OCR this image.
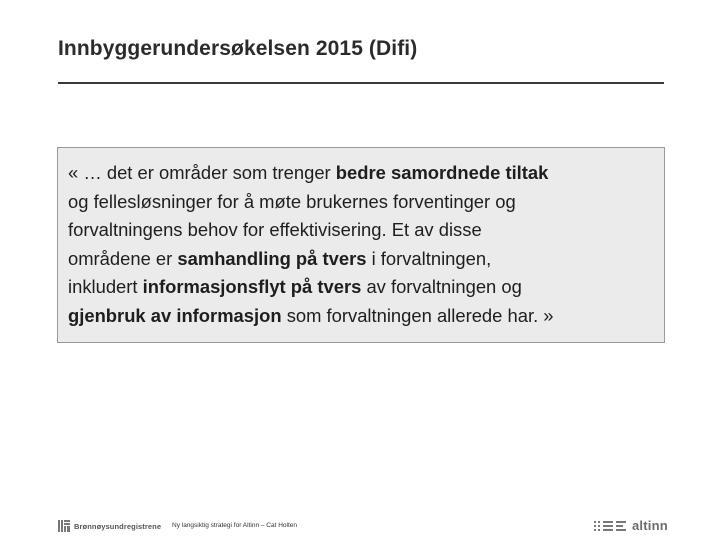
Innbyggerundersøkelsen 2015 (Difi)
« … det er områder som trenger bedre samordnede tiltak
og fellesløsninger for å møte brukernes forventinger og
forvaltningens behov for effektivisering. Et av disse
områdene er samhandling på tvers i forvaltningen,
inkludert informasjonsflyt på tvers av forvaltningen og
gjenbruk av informasjon som forvaltningen allerede har. »
Brønnøysundregistrene Ny langsiktig strategi for Altinn – Cat Holten	altinn
